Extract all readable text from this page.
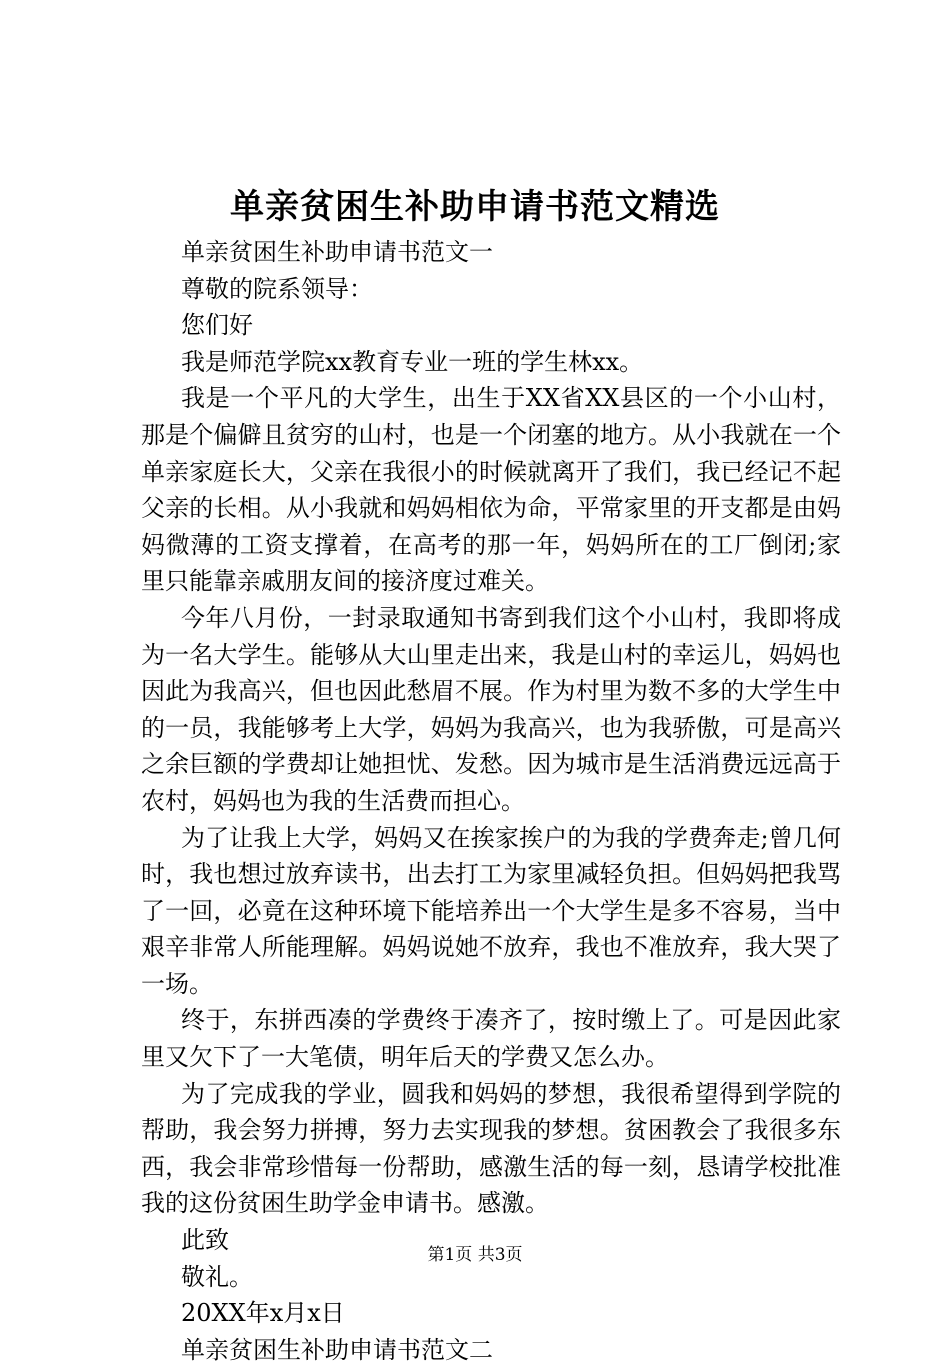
单亲贫困生补助申请书范文精选

单亲贫困生补助申请书范文一

尊敬的院系领导：

您们好

我是师范学院xx教育专业一班的学生林xx。

我是一个平凡的大学生，出生于XX省XX县区的一个小山村，那是个偏僻且贫穷的山村，也是一个闭塞的地方。从小我就在一个单亲家庭长大，父亲在我很小的时候就离开了我们，我已经记不起父亲的长相。从小我就和妈妈相依为命，平常家里的开支都是由妈妈微薄的工资支撑着，在高考的那一年，妈妈所在的工厂倒闭;家里只能靠亲戚朋友间的接济度过难关。

今年八月份，一封录取通知书寄到我们这个小山村，我即将成为一名大学生。能够从大山里走出来，我是山村的幸运儿，妈妈也因此为我高兴，但也因此愁眉不展。作为村里为数不多的大学生中的一员，我能够考上大学，妈妈为我高兴，也为我骄傲，可是高兴之余巨额的学费却让她担忧、发愁。因为城市是生活消费远远高于农村，妈妈也为我的生活费而担心。

为了让我上大学，妈妈又在挨家挨户的为我的学费奔走;曾几何时，我也想过放弃读书，出去打工为家里减轻负担。但妈妈把我骂了一回，必竟在这种环境下能培养出一个大学生是多不容易，当中艰辛非常人所能理解。妈妈说她不放弃，我也不准放弃，我大哭了一场。

终于，东拼西凑的学费终于凑齐了，按时缴上了。可是因此家里又欠下了一大笔债，明年后天的学费又怎么办。

为了完成我的学业，圆我和妈妈的梦想，我很希望得到学院的帮助，我会努力拼搏，努力去实现我的梦想。贫困教会了我很多东西，我会非常珍惜每一份帮助，感激生活的每一刻，恳请学校批准我的这份贫困生助学金申请书。感激。

此致

敬礼。

20XX年x月x日

单亲贫困生补助申请书范文二

第1页 共3页
